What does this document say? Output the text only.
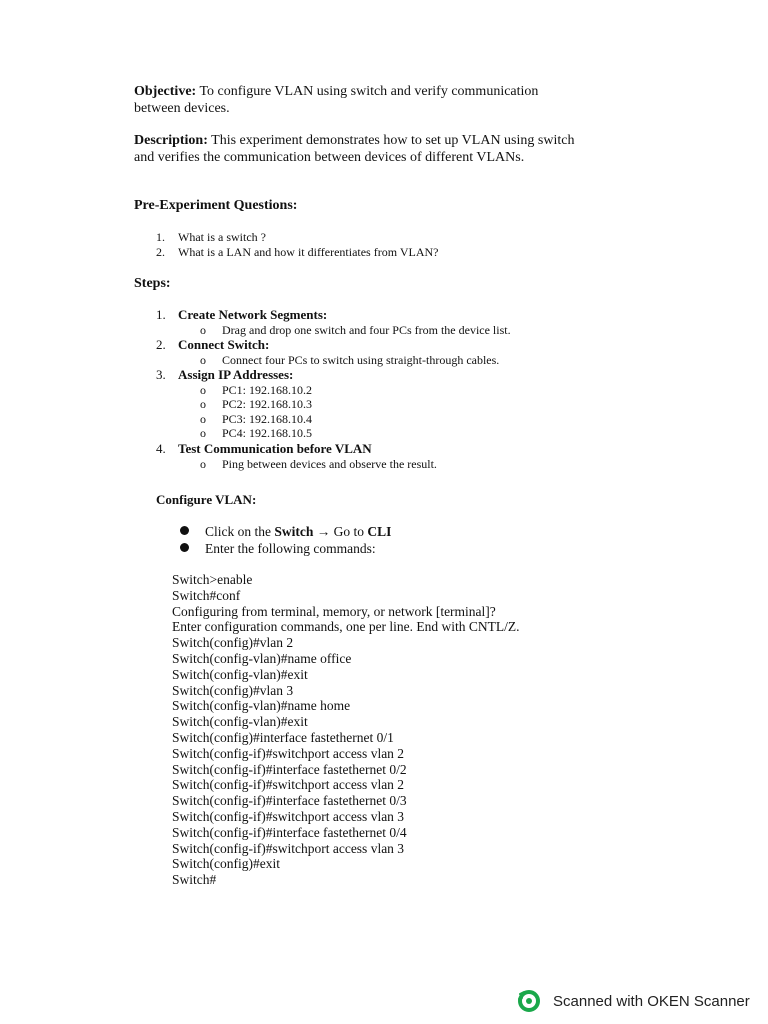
Objective: To configure VLAN using switch and verify communication between devices.
Description: This experiment demonstrates how to set up VLAN using switch and verifies the communication between devices of different VLANs.
Pre-Experiment Questions:
1. What is a switch ?
2. What is a LAN and how it differentiates from VLAN?
Steps:
1. Create Network Segments:
o Drag and drop one switch and four PCs from the device list.
2. Connect Switch:
o Connect four PCs to switch using straight-through cables.
3. Assign IP Addresses:
o PC1: 192.168.10.2
o PC2: 192.168.10.3
o PC3: 192.168.10.4
o PC4: 192.168.10.5
4. Test Communication before VLAN
o Ping between devices and observe the result.
Configure VLAN:
Click on the Switch → Go to CLI
Enter the following commands:
Switch>enable
Switch#conf
Configuring from terminal, memory, or network [terminal]?
Enter configuration commands, one per line. End with CNTL/Z.
Switch(config)#vlan 2
Switch(config-vlan)#name office
Switch(config-vlan)#exit
Switch(config)#vlan 3
Switch(config-vlan)#name home
Switch(config-vlan)#exit
Switch(config)#interface fastethernet 0/1
Switch(config-if)#switchport access vlan 2
Switch(config-if)#interface fastethernet 0/2
Switch(config-if)#switchport access vlan 2
Switch(config-if)#interface fastethernet 0/3
Switch(config-if)#switchport access vlan 3
Switch(config-if)#interface fastethernet 0/4
Switch(config-if)#switchport access vlan 3
Switch(config)#exit
Switch#
Scanned with OKEN Scanner
